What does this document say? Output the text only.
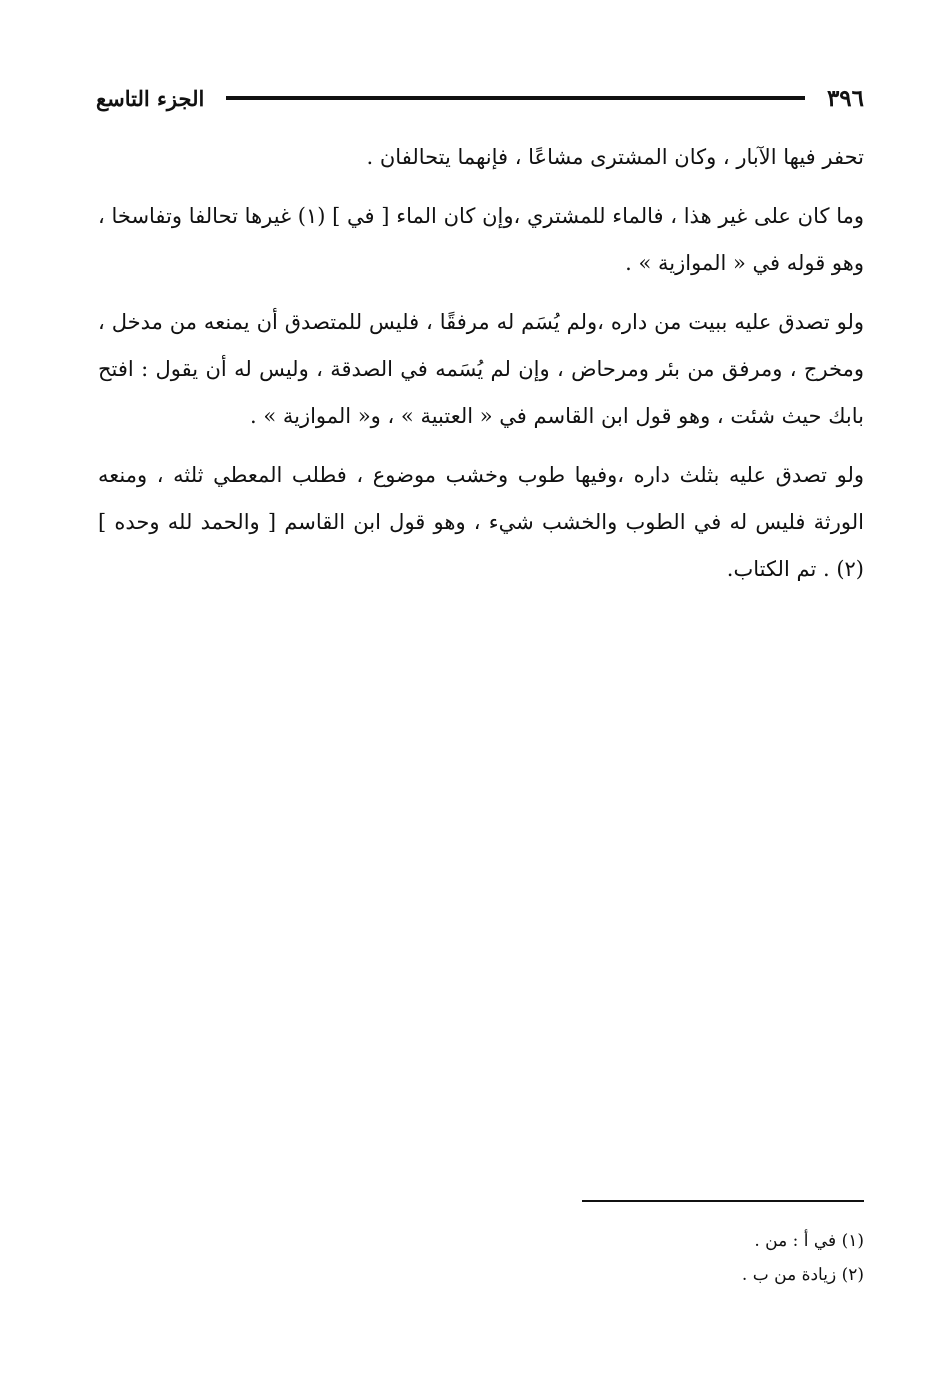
الجزء التاسع	٣٩٦

تحفر فيها الآبار ، وكان المشترى مشاعًا ، فإنهما يتحالفان .

وما كان على غير هذا ، فالماء للمشتري ،وإن كان الماء [ في ] (١) غيرها تحالفا وتفاسخا ، وهو قوله في « الموازية » .

ولو تصدق عليه ببيت من داره ،ولم يُسَم له مرفقًا ، فليس للمتصدق أن يمنعه من مدخل ، ومخرج ، ومرفق من بئر ومرحاض ، وإن لم يُسَمه في الصدقة ، وليس له أن يقول : افتح بابك حيث شئت ، وهو قول ابن القاسم في « العتبية » ، و« الموازية » .

ولو تصدق عليه بثلث داره ،وفيها طوب وخشب موضوع ، فطلب المعطي ثلثه ، ومنعه الورثة فليس له في الطوب والخشب شيء ، وهو قول ابن القاسم [ والحمد لله وحده ] (٢) . تم الكتاب.

(١) في أ : من .
(٢) زيادة من ب .
